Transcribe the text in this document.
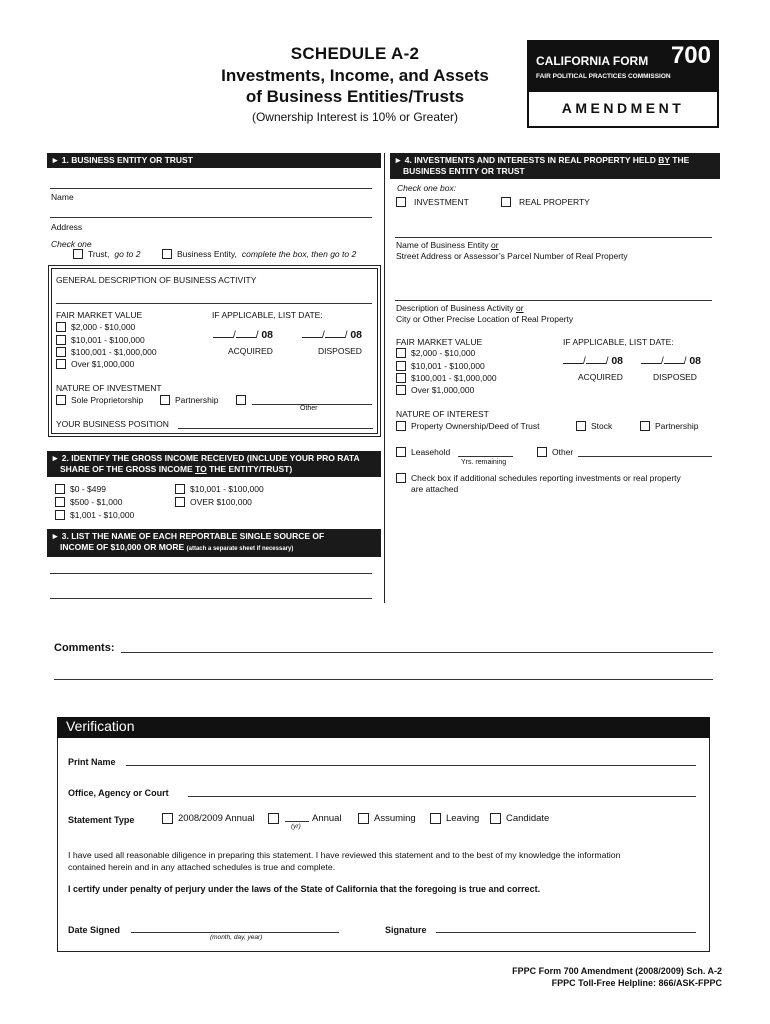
SCHEDULE A-2
Investments, Income, and Assets
of Business Entities/Trusts
(Ownership Interest is 10% or Greater)
CALIFORNIA FORM 700
FAIR POLITICAL PRACTICES COMMISSION
AMENDMENT
► 1. BUSINESS ENTITY OR TRUST
Name
Address
Check one
Trust, go to 2	Business Entity, complete the box, then go to 2
GENERAL DESCRIPTION OF BUSINESS ACTIVITY
FAIR MARKET VALUE	IF APPLICABLE, LIST DATE:
$2,000 - $10,000
$10,001 - $100,000
$100,001 - $1,000,000
Over $1,000,000
/ / 08
ACQUIRED
/ / 08
DISPOSED
NATURE OF INVESTMENT
Sole Proprietorship	Partnership
Other
YOUR BUSINESS POSITION
► 2. IDENTIFY THE GROSS INCOME RECEIVED (INCLUDE YOUR PRO RATA
SHARE OF THE GROSS INCOME TO THE ENTITY/TRUST)
$0 - $499
$500 - $1,000
$1,001 - $10,000
$10,001 - $100,000
OVER $100,000
► 3. LIST THE NAME OF EACH REPORTABLE SINGLE SOURCE OF
INCOME OF $10,000 OR MORE (attach a separate sheet if necessary)
► 4. INVESTMENTS AND INTERESTS IN REAL PROPERTY HELD BY THE
BUSINESS ENTITY OR TRUST
Check one box:
INVESTMENT	REAL PROPERTY
Name of Business Entity or
Street Address or Assessor’s Parcel Number of Real Property
Description of Business Activity or
City or Other Precise Location of Real Property
FAIR MARKET VALUE	IF APPLICABLE, LIST DATE:
$2,000 - $10,000
$10,001 - $100,000
$100,001 - $1,000,000
Over $1,000,000
/ / 08
ACQUIRED
/ / 08
DISPOSED
NATURE OF INTEREST
Property Ownership/Deed of Trust	Stock	Partnership
Leasehold
Yrs. remaining
Other
Check box if additional schedules reporting investments or real property
are attached
Comments:
Verification
Print Name
Office, Agency or Court
Statement Type	2008/2009 Annual
(yr)
Annual	Assuming	Leaving	Candidate
I have used all reasonable diligence in preparing this statement. I have reviewed this statement and to the best of my knowledge the information
contained herein and in any attached schedules is true and complete.
I certify under penalty of perjury under the laws of the State of California that the foregoing is true and correct.
Date Signed
(month, day, year)
Signature
FPPC Form 700 Amendment (2008/2009) Sch. A-2
FPPC Toll-Free Helpline: 866/ASK-FPPC
